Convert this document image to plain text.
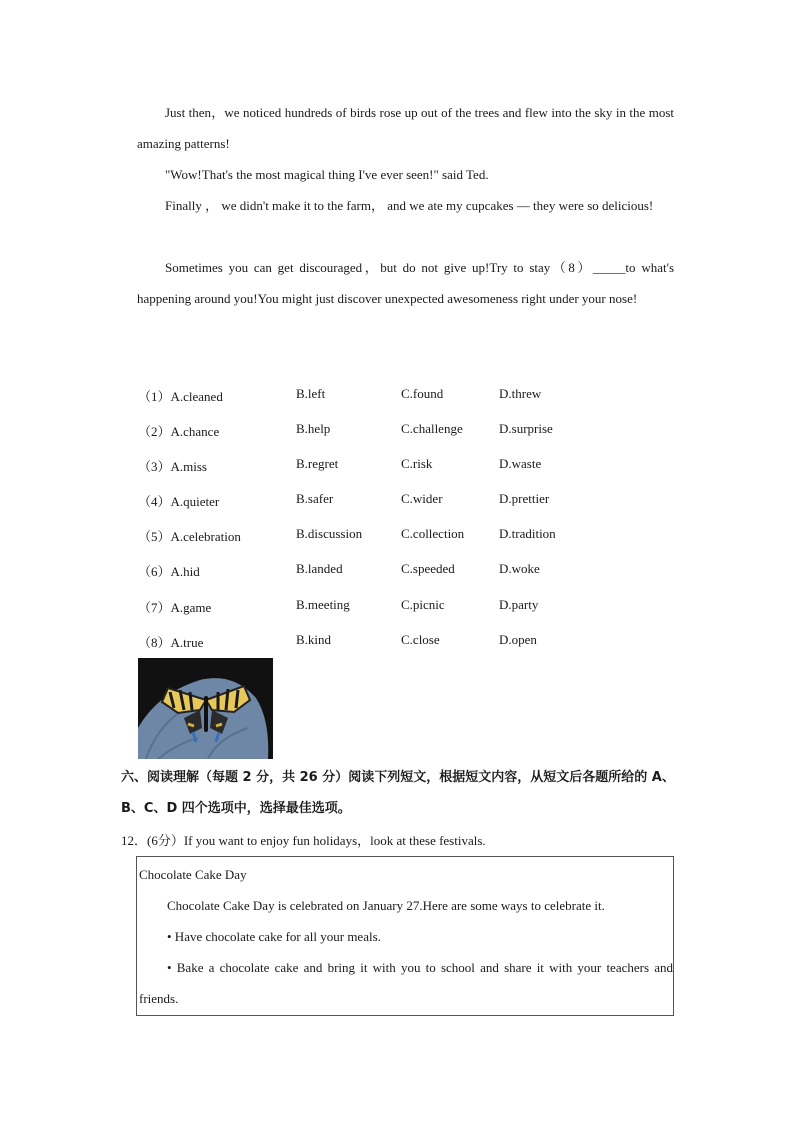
Just then，we noticed hundreds of birds rose up out of the trees and flew into the sky in the most amazing patterns!

"Wow!That's the most magical thing I've ever seen!" said Ted.

Finally ， we didn't make it to the farm， and we ate my cupcakes — they were so delicious!

Sometimes you can get discouraged，but do not give up!Try to stay（8）_____to what's happening around you!You might just discover unexpected awesomeness right under your nose!

（1）A.cleaned	B.left	C.found	D.threw
（2）A.chance	B.help	C.challenge	D.surprise
（3）A.miss	B.regret	C.risk	D.waste
（4）A.quieter	B.safer	C.wider	D.prettier
（5）A.celebration	B.discussion	C.collection	D.tradition
（6）A.hid	B.landed	C.speeded	D.woke
（7）A.game	B.meeting	C.picnic	D.party
（8）A.true	B.kind	C.close	D.open

六、阅读理解（每题 2 分，共 26 分）阅读下列短文，根据短文内容，从短文后各题所给的 A、B、C、D 四个选项中，选择最佳选项。

12．(6分）If you want to enjoy fun holidays，look at these festivals.

Chocolate Cake Day

Chocolate Cake Day is celebrated on January 27.Here are some ways to celebrate it.

• Have chocolate cake for all your meals.

• Bake a chocolate cake and bring it with you to school and share it with your teachers and friends.
